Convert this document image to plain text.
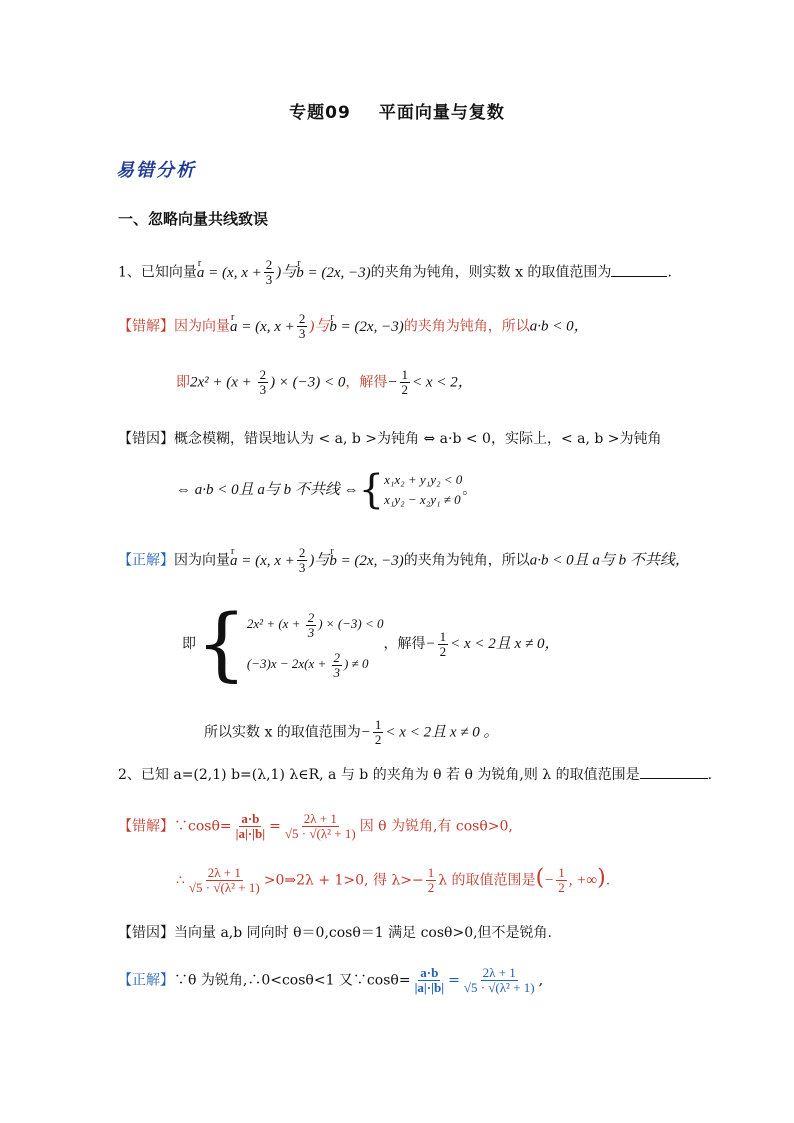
专题09 平面向量与复数
易错分析
一、忽略向量共线致误
1、已知向量r a = (x, $x + \frac{2}{3}$ )与r b = (2x, −3)的夹角为钝角，则实数 x 的取值范围为	.
【错解】因为向量r a = (x, $x + \frac{2}{3}$ )与r b = (2x, −3)的夹角为钝角，所以a·b < 0，
即$2x^2 + (x + \frac{2}{3}$ ) × (−3) < 0，解得− $\frac{1}{2} < x < 2$，
【错因】概念模糊，错误地认为 < a, b >为钝角 ⇔ a·b < 0，实际上，< a, b >为钝角
⇔ a·b < 0且 a与 b 不共线 ⇔{ x₁x₂ + y₁y₂ < 0
x₁y₂ − x₂y₁ ≠ 0
。
【正解】因为向量r a = (x, $x + \frac{2}{3}$ )与r b = (2x, −3)的夹角为钝角，所以a·b < 0且 a与 b 不共线，
即{ $2x^2 + (x + \frac{2}{3}$ ) × (−3) < 0
$(-3)x - 2x(x + \frac{2}{3}$ ) ≠ 0
，解得− $\frac{1}{2} < x < 2$且 x ≠ 0，
所以实数 x 的取值范围为− $\frac{1}{2} < x < 2$且 x ≠ 0 。
2、已知 a=(2,1) b=(λ,1) λ∈R, a 与 b 的夹角为 θ 若 θ 为锐角,则 λ 的取值范围是	.
【错解】∵cosθ= $\frac{a\cdot b}{|a|\cdot|b|} = \frac{2\lambda + 1}{\text{√5 · √(λ² + 1)}}$ 因 θ 为锐角,有 cosθ>0,
∴ $\frac{2\lambda + 1}{\text{√5 · √(λ² + 1)}}$ >0⇒2λ + 1>0, 得 $\lambda>- \frac{1}{2}$ λ 的取值范围是(− $\frac{1}{2}$ , +∞).
【错因】当向量 a,b 同向时 θ＝0,cosθ＝1 满足 cosθ>0,但不是锐角.
【正解】∵θ 为锐角,∴0<cosθ<1 又∵cosθ= $\frac{a\cdot b}{|a|\cdot|b|} = \frac{2\lambda + 1}{\text{√5 · √(λ² + 1)}}$ ,
